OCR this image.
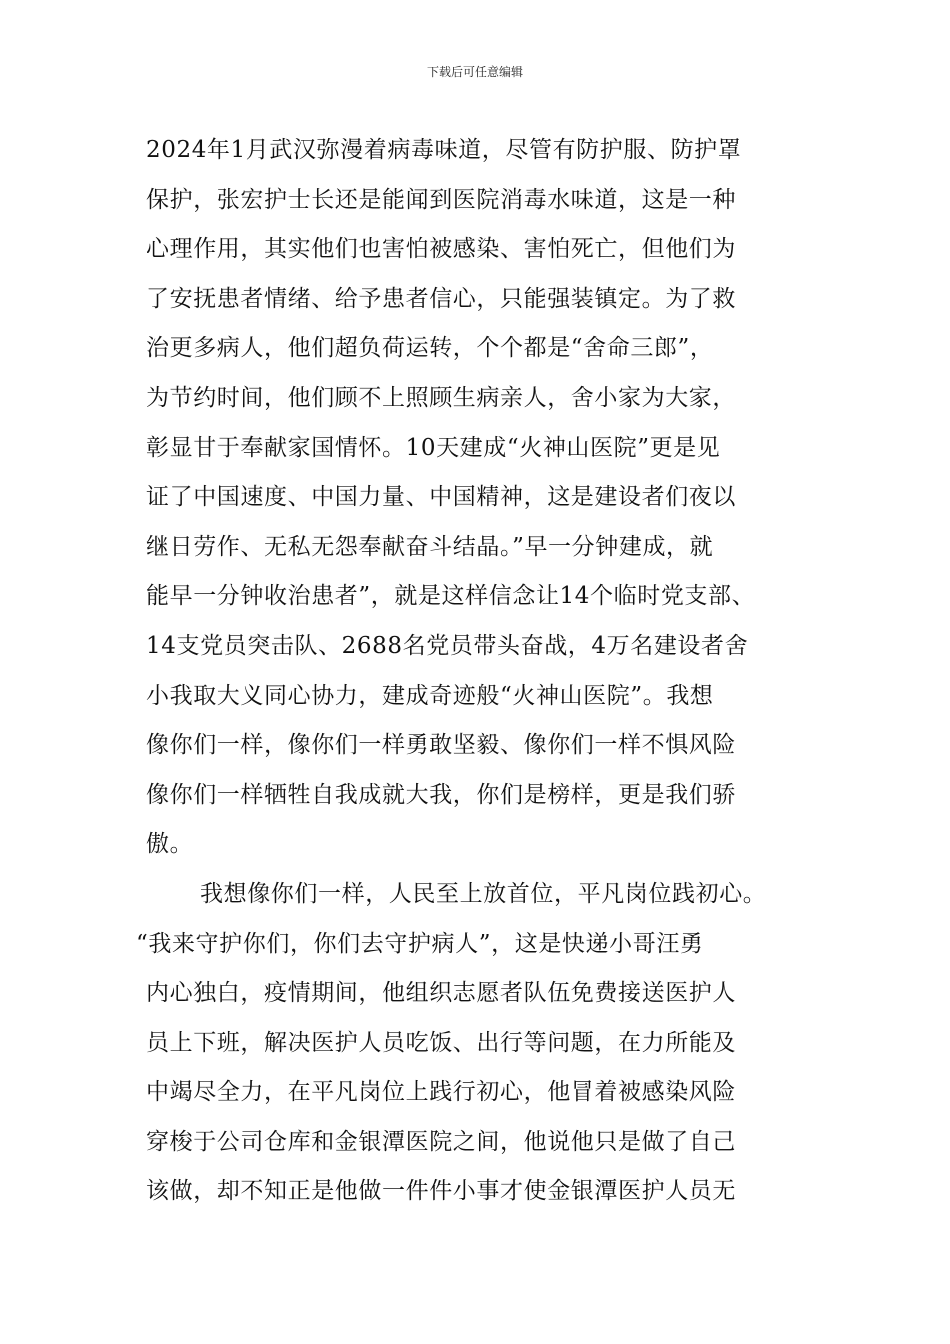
下载后可任意编辑
2024年1月武汉弥漫着病毒味道，尽管有防护服、防护罩
保护，张宏护士长还是能闻到医院消毒水味道，这是一种
心理作用，其实他们也害怕被感染、害怕死亡，但他们为
了安抚患者情绪、给予患者信心，只能强装镇定。为了救
治更多病人，他们超负荷运转，个个都是“舍命三郎”，
为节约时间，他们顾不上照顾生病亲人，舍小家为大家，
彰显甘于奉献家国情怀。10天建成“火神山医院”更是见
证了中国速度、中国力量、中国精神，这是建设者们夜以
继日劳作、无私无怨奉献奋斗结晶。”早一分钟建成，就
能早一分钟收治患者”，就是这样信念让14个临时党支部、
14支党员突击队、2688名党员带头奋战，4万名建设者舍
小我取大义同心协力，建成奇迹般“火神山医院”。我想
像你们一样，像你们一样勇敢坚毅、像你们一样不惧风险
像你们一样牺牲自我成就大我，你们是榜样，更是我们骄
傲。
我想像你们一样，人民至上放首位，平凡岗位践初心。
“我来守护你们，你们去守护病人”，这是快递小哥汪勇
内心独白，疫情期间，他组织志愿者队伍免费接送医护人
员上下班，解决医护人员吃饭、出行等问题，在力所能及
中竭尽全力，在平凡岗位上践行初心，他冒着被感染风险
穿梭于公司仓库和金银潭医院之间，他说他只是做了自己
该做，却不知正是他做一件件小事才使金银潭医护人员无
